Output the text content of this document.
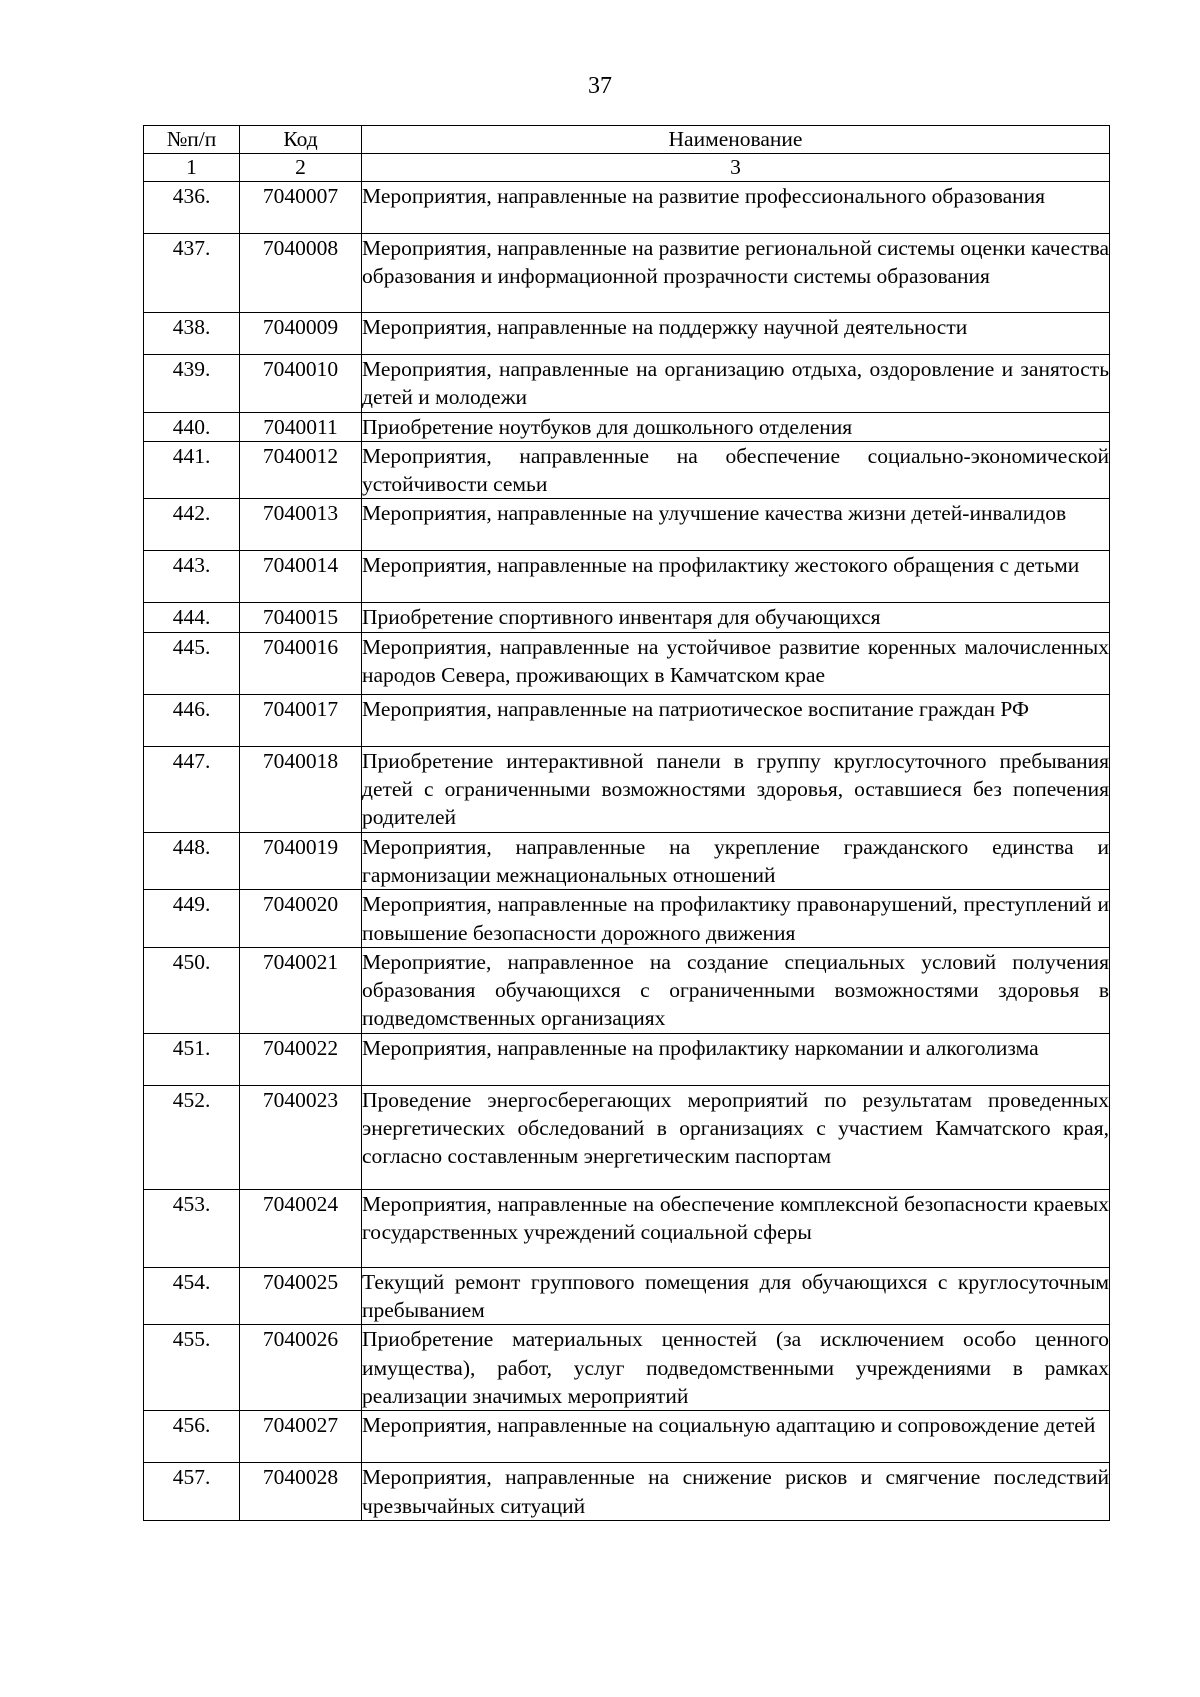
37
№п/п	Код	Наименование
1	2	3
436.	7040007	Мероприятия, направленные на развитие профессионального образования
437.	7040008	Мероприятия, направленные на развитие региональной системы оценки качества образования и информационной прозрачности системы образования
438.	7040009	Мероприятия, направленные на поддержку научной деятельности
439.	7040010	Мероприятия, направленные на организацию отдыха, оздоровление и занятость детей и молодежи
440.	7040011	Приобретение ноутбуков для дошкольного отделения
441.	7040012	Мероприятия, направленные на обеспечение социально-экономической устойчивости семьи
442.	7040013	Мероприятия, направленные на улучшение качества жизни детей-инвалидов
443.	7040014	Мероприятия, направленные на профилактику жестокого обращения с детьми
444.	7040015	Приобретение спортивного инвентаря для обучающихся
445.	7040016	Мероприятия, направленные на устойчивое развитие коренных малочисленных народов Севера, проживающих в Камчатском крае
446.	7040017	Мероприятия, направленные на патриотическое воспитание граждан РФ
447.	7040018	Приобретение интерактивной панели в группу круглосуточного пребывания детей с ограниченными возможностями здоровья, оставшиеся без попечения родителей
448.	7040019	Мероприятия, направленные на укрепление гражданского единства и гармонизации межнациональных отношений
449.	7040020	Мероприятия, направленные на профилактику правонарушений, преступлений и повышение безопасности дорожного движения
450.	7040021	Мероприятие, направленное на создание специальных условий получения образования обучающихся с ограниченными возможностями здоровья в подведомственных организациях
451.	7040022	Мероприятия, направленные на профилактику наркомании и алкоголизма
452.	7040023	Проведение энергосберегающих мероприятий по результатам проведенных энергетических обследований в организациях с участием Камчатского края, согласно составленным энергетическим паспортам
453.	7040024	Мероприятия, направленные на обеспечение комплексной безопасности краевых государственных учреждений социальной сферы
454.	7040025	Текущий ремонт группового помещения для обучающихся с круглосуточным пребыванием
455.	7040026	Приобретение материальных ценностей (за исключением особо ценного имущества), работ, услуг подведомственными учреждениями в рамках реализации значимых мероприятий
456.	7040027	Мероприятия, направленные на социальную адаптацию и сопровождение детей
457.	7040028	Мероприятия, направленные на снижение рисков и смягчение последствий чрезвычайных ситуаций
